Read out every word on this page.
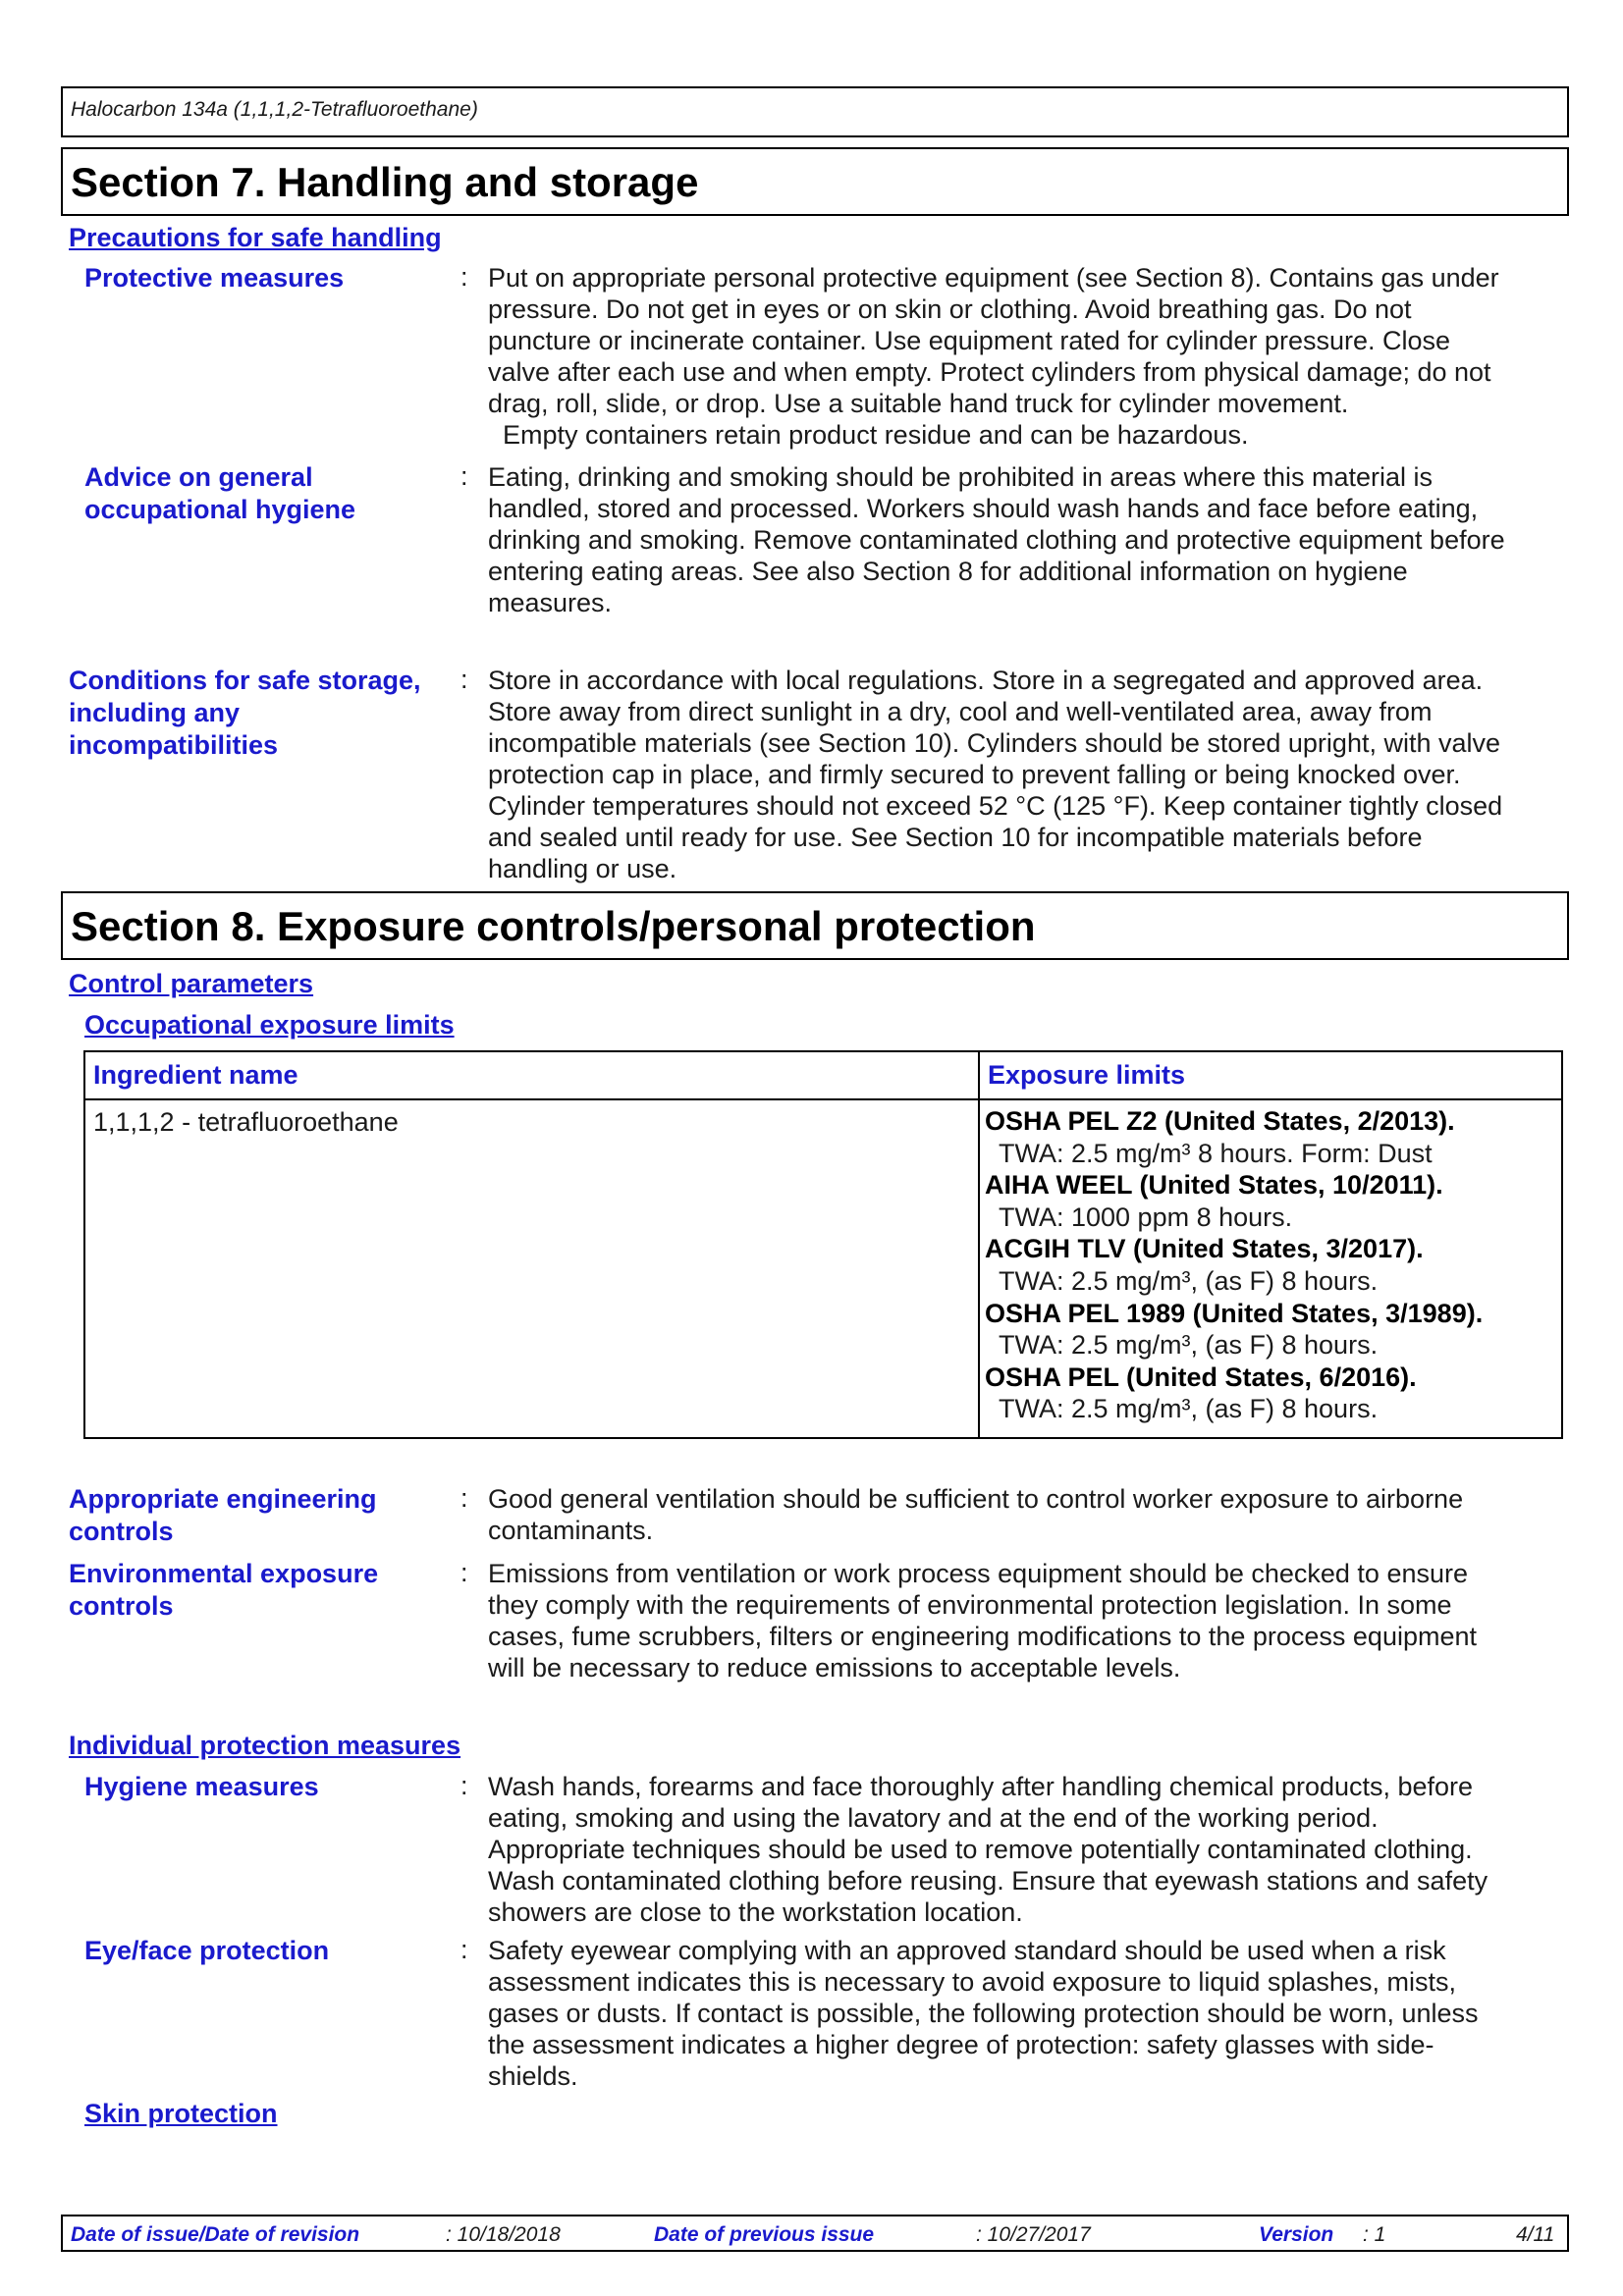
Halocarbon 134a (1,1,1,2-Tetrafluoroethane)
Section 7. Handling and storage
Precautions for safe handling
Protective measures	: Put on appropriate personal protective equipment (see Section 8). Contains gas under

pressure. Do not get in eyes or on skin or clothing. Avoid breathing gas. Do not

puncture or incinerate container. Use equipment rated for cylinder pressure. Close

valve after each use and when empty. Protect cylinders from physical damage; do not

drag, roll, slide, or drop. Use a suitable hand truck for cylinder movement.

Empty containers retain product residue and can be hazardous.

Advice on general
occupational hygiene
: Eating, drinking and smoking should be prohibited in areas where this material is

handled, stored and processed. Workers should wash hands and face before eating,

drinking and smoking. Remove contaminated clothing and protective equipment before

entering eating areas. See also Section 8 for additional information on hygiene

measures.

Conditions for safe storage,
including any
incompatibilities
: Store in accordance with local regulations. Store in a segregated and approved area.

Store away from direct sunlight in a dry, cool and well-ventilated area, away from

incompatible materials (see Section 10). Cylinders should be stored upright, with valve

protection cap in place, and firmly secured to prevent falling or being knocked over.

Cylinder temperatures should not exceed 52 °C (125 °F). Keep container tightly closed

and sealed until ready for use. See Section 10 for incompatible materials before

handling or use.

Section 8. Exposure controls/personal protection
Control parameters
Occupational exposure limits
Ingredient name	Exposure limits
1,1,1,2 - tetrafluoroethane	OSHA PEL Z2 (United States, 2/2013).
TWA: 2.5 mg/m³ 8 hours. Form: Dust
AIHA WEEL (United States, 10/2011).
TWA: 1000 ppm 8 hours.
ACGIH TLV (United States, 3/2017).
TWA: 2.5 mg/m³, (as F) 8 hours.
OSHA PEL 1989 (United States, 3/1989).
TWA: 2.5 mg/m³, (as F) 8 hours.
OSHA PEL (United States, 6/2016).
TWA: 2.5 mg/m³, (as F) 8 hours.
Appropriate engineering
controls
: Good general ventilation should be sufficient to control worker exposure to airborne

contaminants.

Environmental exposure
controls
: Emissions from ventilation or work process equipment should be checked to ensure

they comply with the requirements of environmental protection legislation. In some

cases, fume scrubbers, filters or engineering modifications to the process equipment

will be necessary to reduce emissions to acceptable levels.

Individual protection measures
Hygiene measures	: Wash hands, forearms and face thoroughly after handling chemical products, before

eating, smoking and using the lavatory and at the end of the working period.

Appropriate techniques should be used to remove potentially contaminated clothing.

Wash contaminated clothing before reusing. Ensure that eyewash stations and safety

showers are close to the workstation location.

Eye/face protection	: Safety eyewear complying with an approved standard should be used when a risk

assessment indicates this is necessary to avoid exposure to liquid splashes, mists,

gases or dusts. If contact is possible, the following protection should be worn, unless

the assessment indicates a higher degree of protection: safety glasses with side-

shields.

Skin protection
Date of issue/Date of revision	: 10/18/2018	Date of previous issue	: 10/27/2017	Version : 1	4/11
